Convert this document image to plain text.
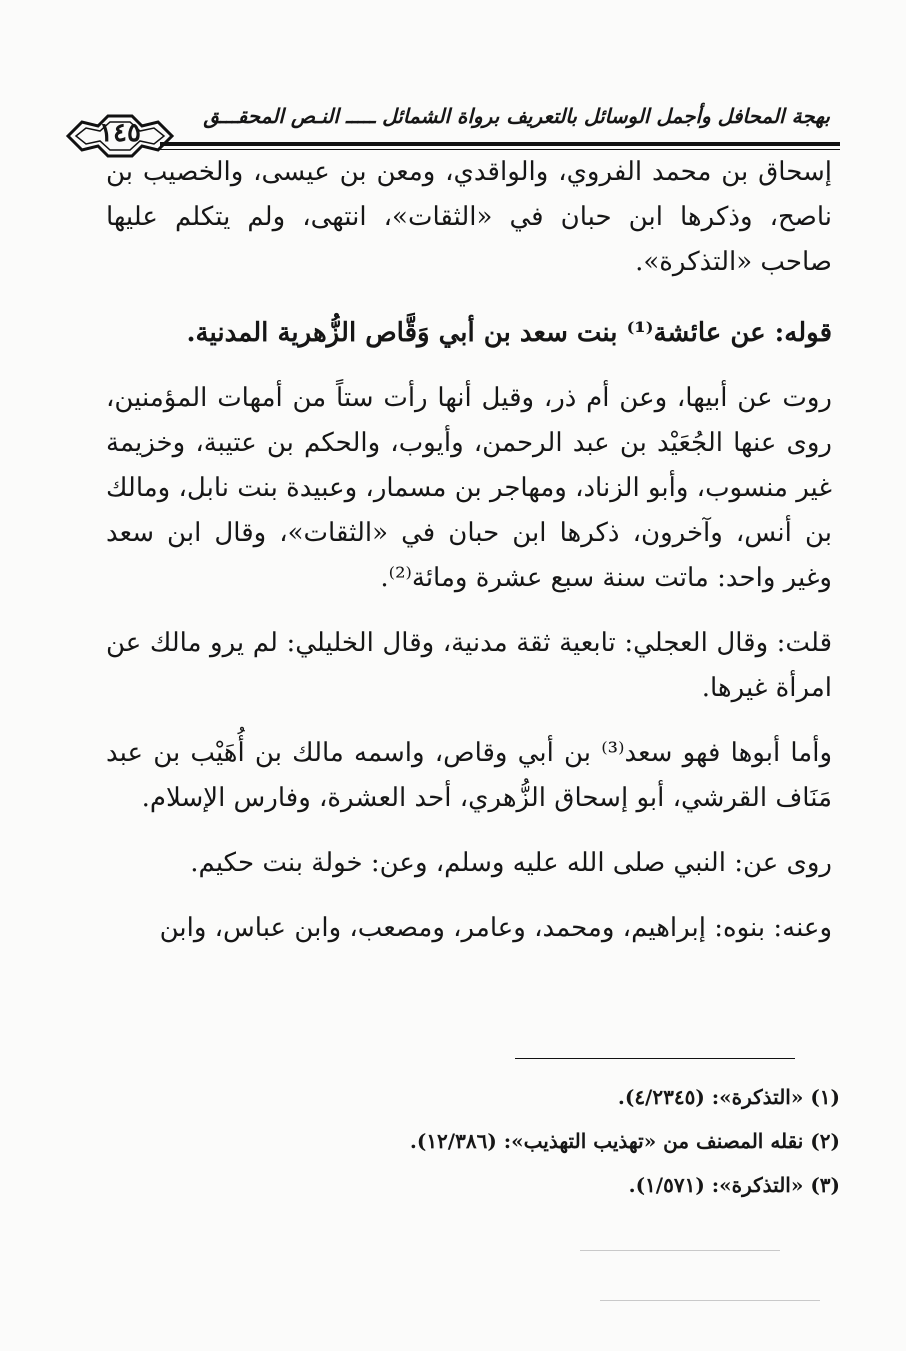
بهجة المحافل وأجمل الوسائل بالتعريف برواة الشمائل ـــــ النـص المحقـــق
١٤٥

إسحاق بن محمد الفروي، والواقدي، ومعن بن عيسى، والخصيب بن ناصح، وذكرها ابن حبان في «الثقات»، انتهى، ولم يتكلم عليها صاحب «التذكرة».

قوله: عن عائشة⁽¹⁾ بنت سعد بن أبي وَقَّاص الزُّهرية المدنية.

روت عن أبيها، وعن أم ذر، وقيل أنها رأت ستاً من أمهات المؤمنين، روى عنها الجُعَيْد بن عبد الرحمن، وأيوب، والحكم بن عتيبة، وخزيمة غير منسوب، وأبو الزناد، ومهاجر بن مسمار، وعبيدة بنت نابل، ومالك بن أنس، وآخرون، ذكرها ابن حبان في «الثقات»، وقال ابن سعد وغير واحد: ماتت سنة سبع عشرة ومائة⁽²⁾.

قلت: وقال العجلي: تابعية ثقة مدنية، وقال الخليلي: لم يرو مالك عن امرأة غيرها.

وأما أبوها فهو سعد⁽³⁾ بن أبي وقاص، واسمه مالك بن أُهَيْب بن عبد مَنَاف القرشي، أبو إسحاق الزُّهري، أحد العشرة، وفارس الإسلام.

روى عن: النبي صلى الله عليه وسلم، وعن: خولة بنت حكيم.

وعنه: بنوه: إبراهيم، ومحمد، وعامر، ومصعب، وابن عباس، وابن

(١) «التذكرة»: (٤/٢٣٤٥).
(٢) نقله المصنف من «تهذيب التهذيب»: (١٢/٣٨٦).
(٣) «التذكرة»: (١/٥٧١).
